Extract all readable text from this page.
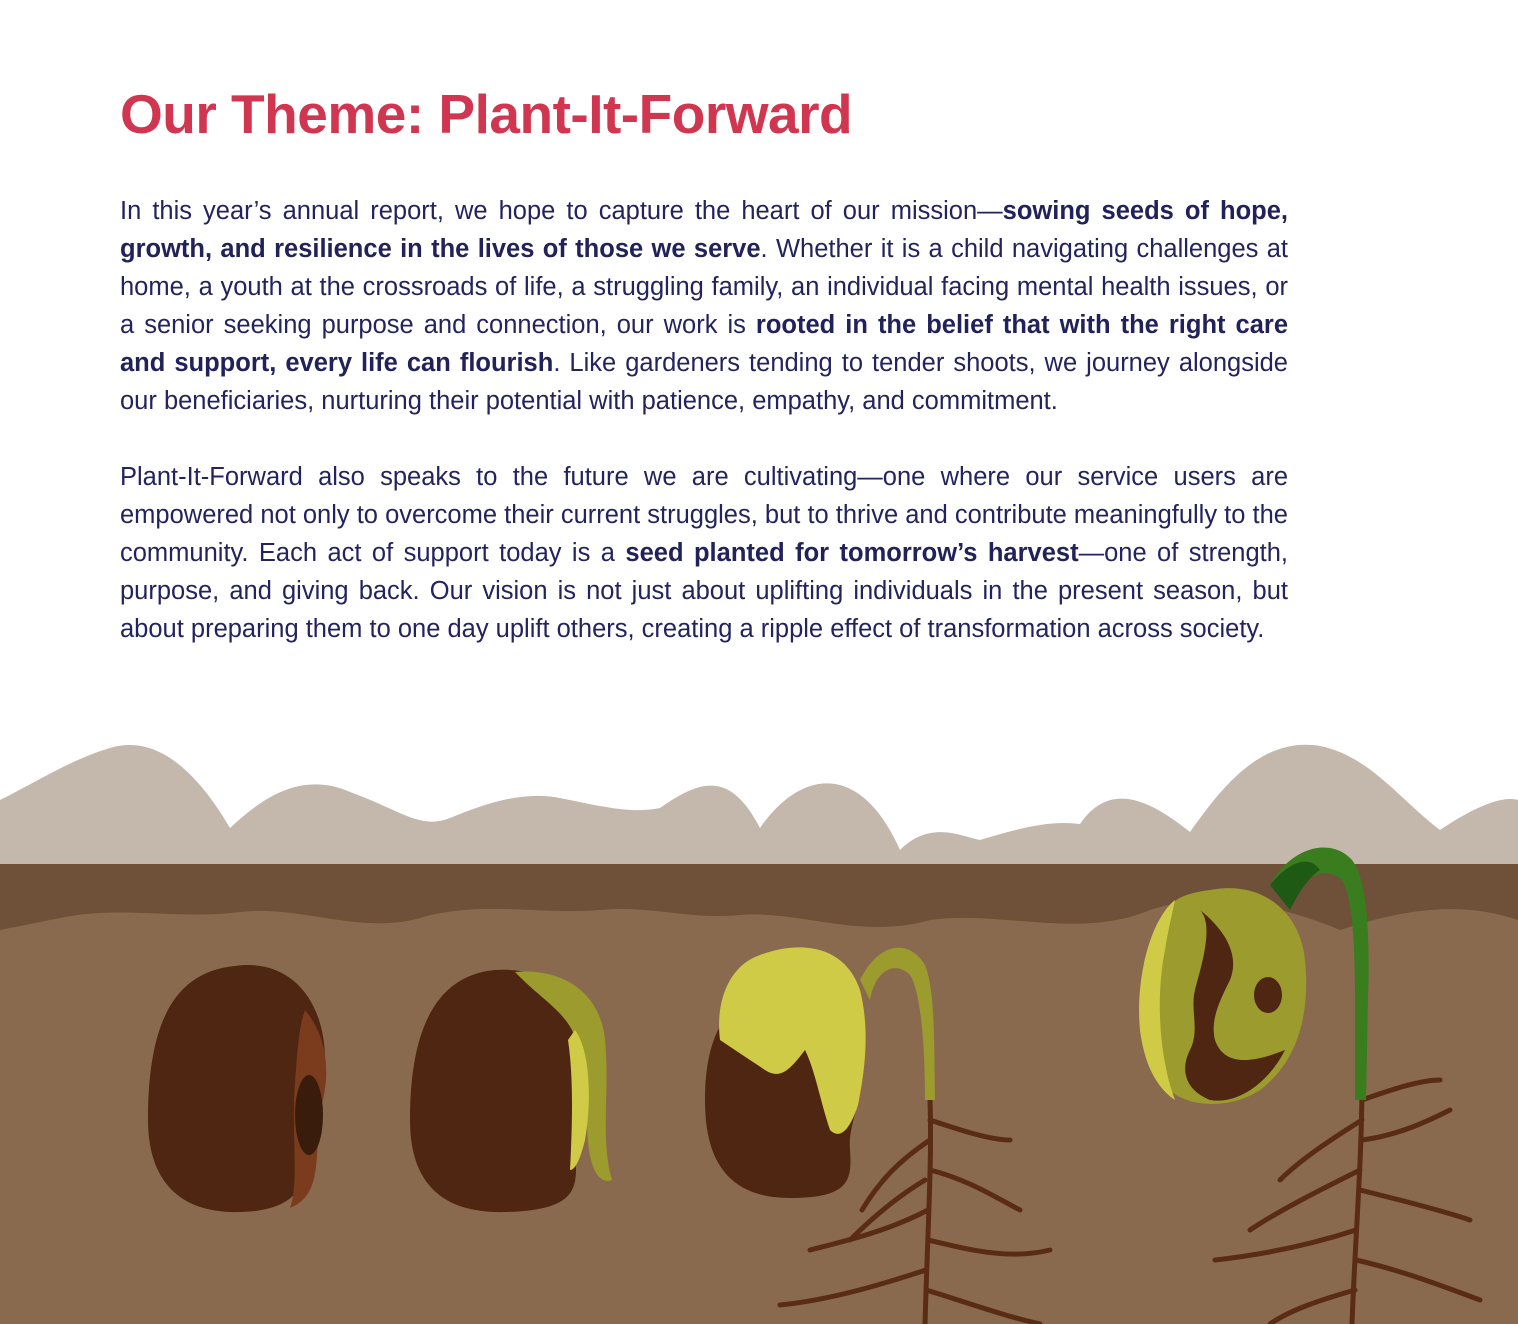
Our Theme: Plant-It-Forward

In this year’s annual report, we hope to capture the heart of our mission—sowing seeds of hope, growth, and resilience in the lives of those we serve. Whether it is a child navigating challenges at home, a youth at the crossroads of life, a struggling family, an individual facing mental health issues, or a senior seeking purpose and connection, our work is rooted in the belief that with the right care and support, every life can flourish. Like gardeners tending to tender shoots, we journey alongside our beneficiaries, nurturing their potential with patience, empathy, and commitment.

Plant-It-Forward also speaks to the future we are cultivating—one where our service users are empowered not only to overcome their current struggles, but to thrive and contribute meaningfully to the community. Each act of support today is a seed planted for tomorrow’s harvest—one of strength, purpose, and giving back. Our vision is not just about uplifting individuals in the present season, but about preparing them to one day uplift others, creating a ripple effect of transformation across society.
